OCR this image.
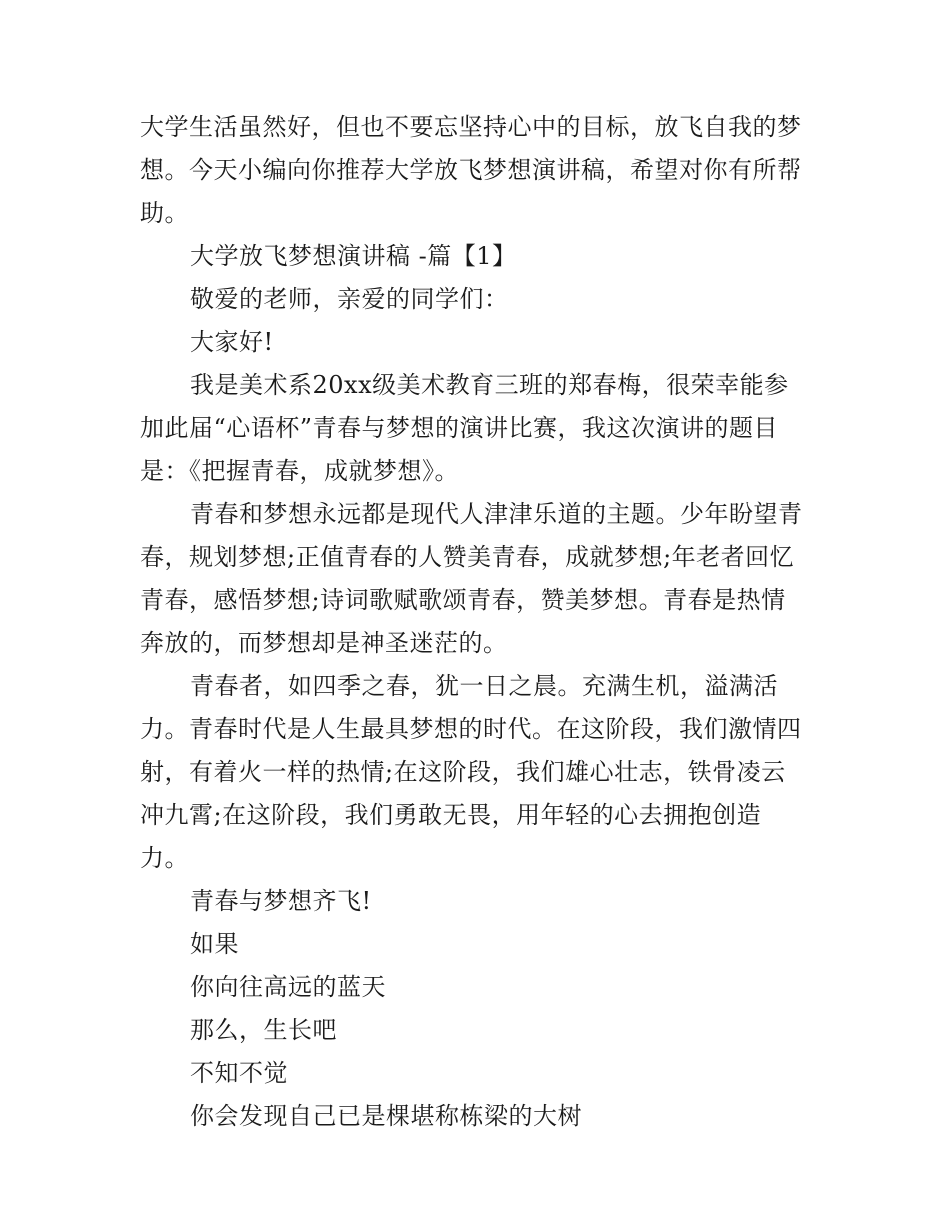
大学生活虽然好，但也不要忘坚持心中的目标，放飞自我的梦

想。今天小编向你推荐大学放飞梦想演讲稿，希望对你有所帮

助。

大学放飞梦想演讲稿 -篇【1】

敬爱的老师，亲爱的同学们：

大家好!

我是美术系20xx级美术教育三班的郑春梅，很荣幸能参

加此届“心语杯”青春与梦想的演讲比赛，我这次演讲的题目

是：《把握青春，成就梦想》。

青春和梦想永远都是现代人津津乐道的主题。少年盼望青

春，规划梦想;正值青春的人赞美青春，成就梦想;年老者回忆

青春，感悟梦想;诗词歌赋歌颂青春，赞美梦想。青春是热情

奔放的，而梦想却是神圣迷茫的。

青春者，如四季之春，犹一日之晨。充满生机，溢满活

力。青春时代是人生最具梦想的时代。在这阶段，我们激情四

射，有着火一样的热情;在这阶段，我们雄心壮志，铁骨凌云

冲九霄;在这阶段，我们勇敢无畏，用年轻的心去拥抱创造

力。

青春与梦想齐飞!

如果

你向往高远的蓝天

那么，生长吧

不知不觉

你会发现自己已是棵堪称栋梁的大树
